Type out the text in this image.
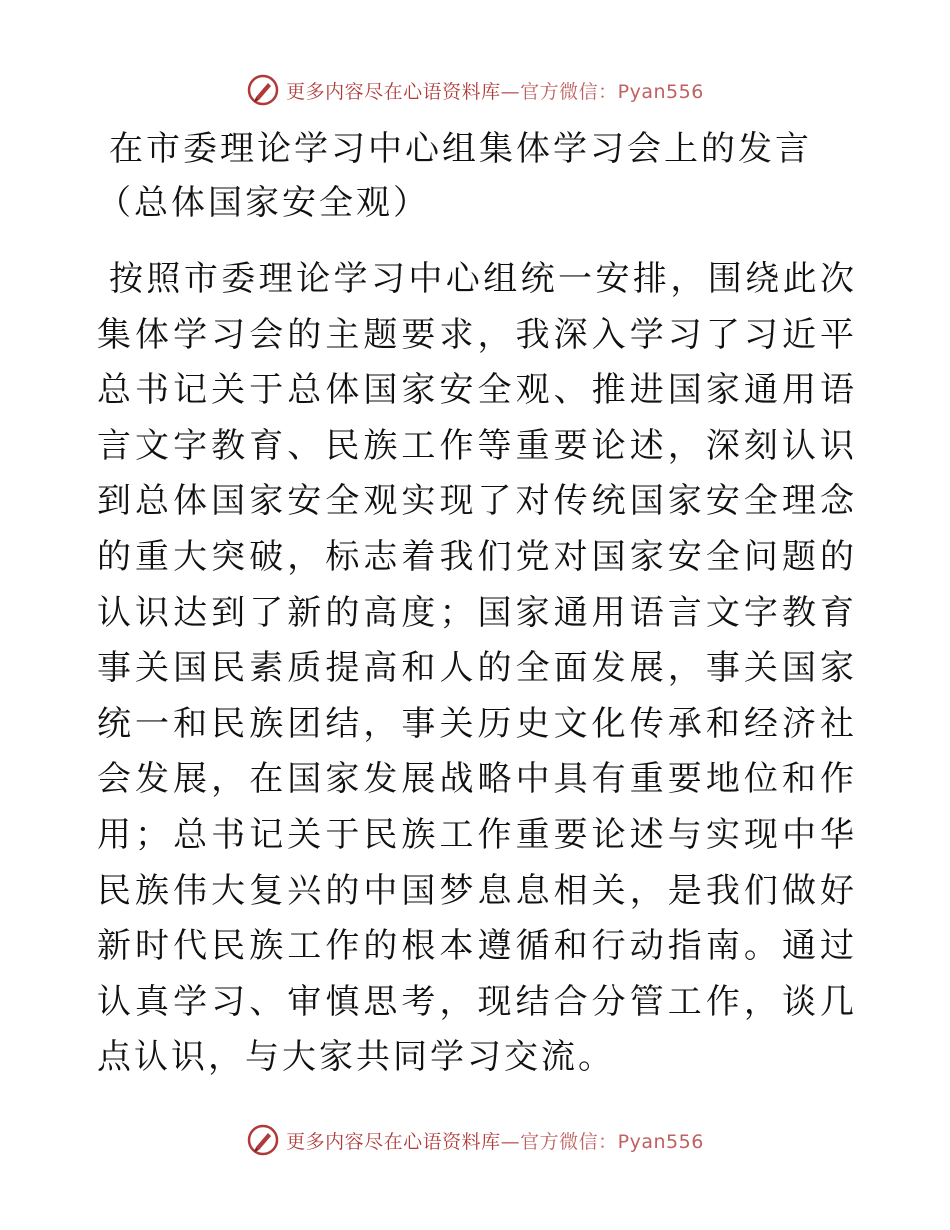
更多内容尽在心语资料库—官方微信：Pyan556
在市委理论学习中心组集体学习会上的发言（总体国家安全观）

按照市委理论学习中心组统一安排，围绕此次集体学习会的主题要求，我深入学习了习近平总书记关于总体国家安全观、推进国家通用语言文字教育、民族工作等重要论述，深刻认识到总体国家安全观实现了对传统国家安全理念的重大突破，标志着我们党对国家安全问题的认识达到了新的高度；国家通用语言文字教育事关国民素质提高和人的全面发展，事关国家统一和民族团结，事关历史文化传承和经济社会发展，在国家发展战略中具有重要地位和作用；总书记关于民族工作重要论述与实现中华民族伟大复兴的中国梦息息相关，是我们做好新时代民族工作的根本遵循和行动指南。通过认真学习、审慎思考，现结合分管工作，谈几点认识，与大家共同学习交流。

更多内容尽在心语资料库—官方微信：Pyan556
